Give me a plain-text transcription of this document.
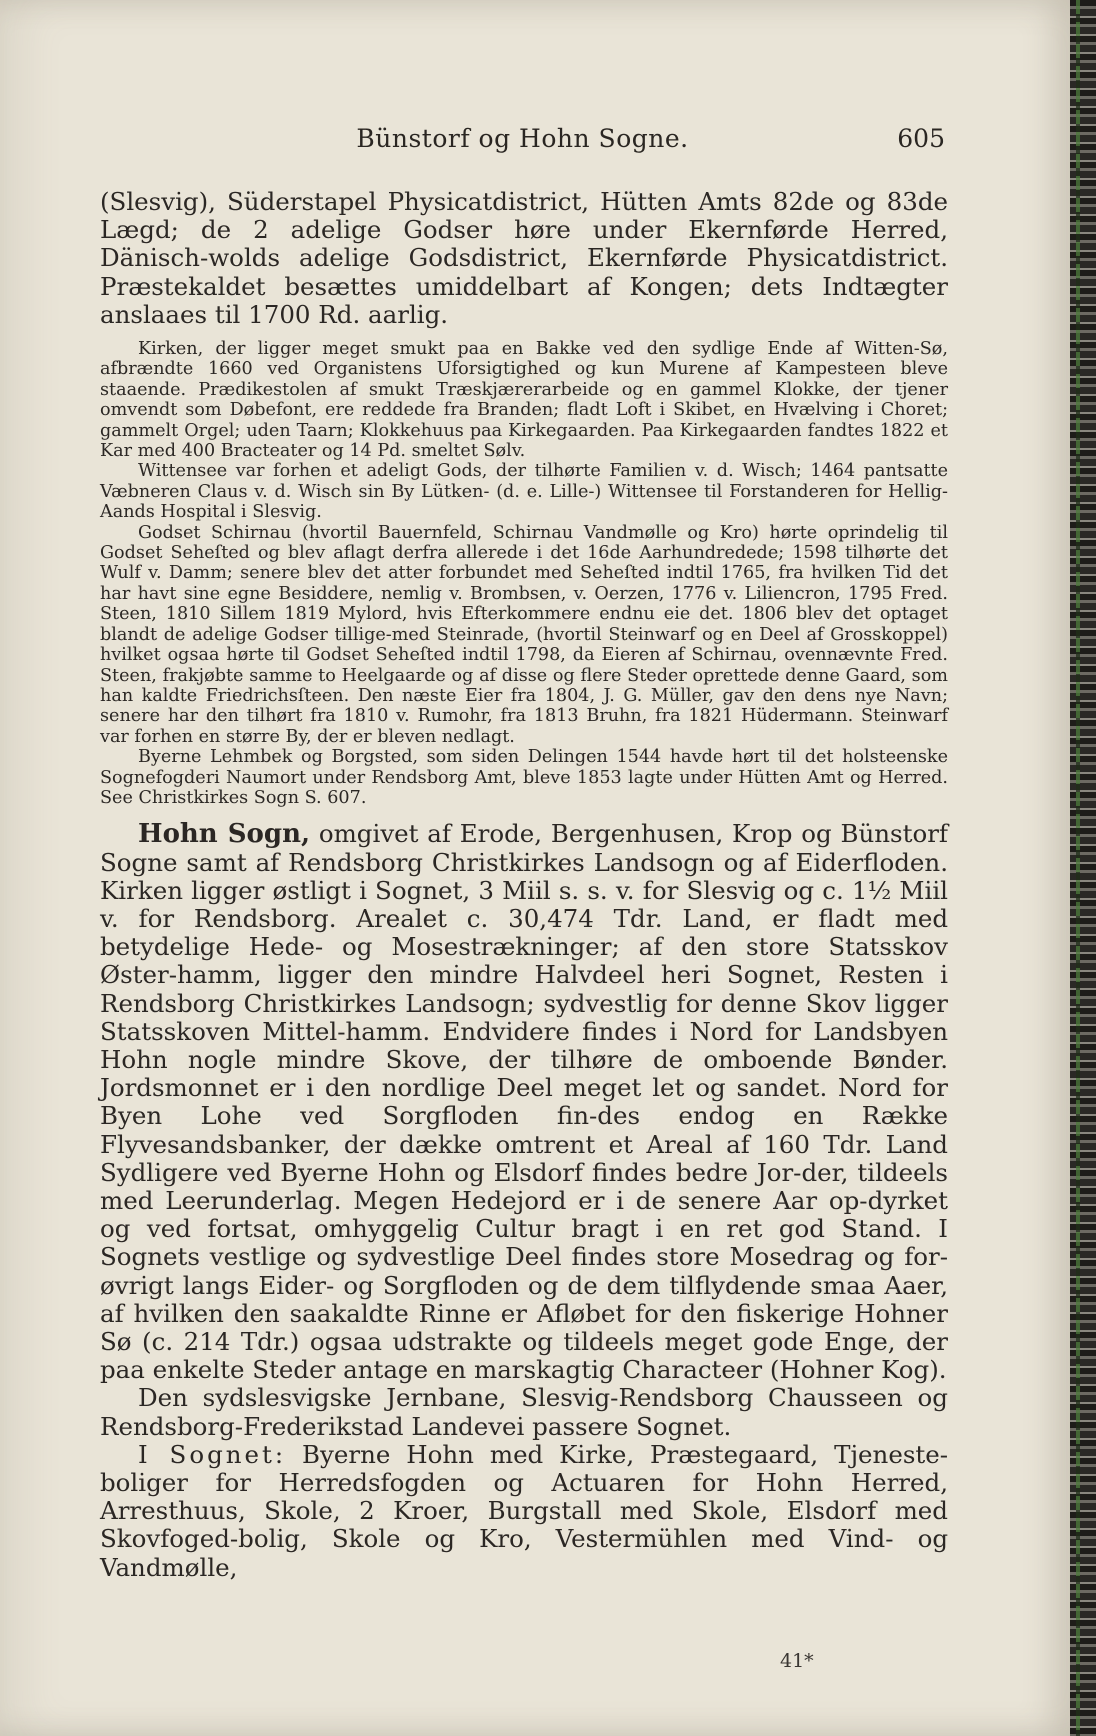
Bünstorf og Hohn Sogne.	605

(Slesvig), Süderstapel Physicatdistrict, Hütten Amts 82de og 83de Lægd; de 2 adelige Godser høre under Ekernførde Herred, Dänisch-wolds adelige Godsdistrict, Ekernførde Physicatdistrict. Præstekaldet besættes umiddelbart af Kongen; dets Indtægter anslaaes til 1700 Rd. aarlig.

Kirken, der ligger meget smukt paa en Bakke ved den sydlige Ende af Witten-Sø, afbrændte 1660 ved Organistens Uforsigtighed og kun Murene af Kampesteen bleve staaende. Prædikestolen af smukt Træskjærerarbeide og en gammel Klokke, der tjener omvendt som Døbefont, ere reddede fra Branden; fladt Loft i Skibet, en Hvælving i Choret; gammelt Orgel; uden Taarn; Klokkehuus paa Kirkegaarden. Paa Kirkegaarden fandtes 1822 et Kar med 400 Bracteater og 14 Pd. smeltet Sølv.

Wittensee var forhen et adeligt Gods, der tilhørte Familien v. d. Wisch; 1464 pantsatte Væbneren Claus v. d. Wisch sin By Lütken- (d. e. Lille-) Wittensee til Forstanderen for Hellig-Aands Hospital i Slesvig.

Godset Schirnau (hvortil Bauernfeld, Schirnau Vandmølle og Kro) hørte oprindelig til Godset Seheſted og blev aflagt derfra allerede i det 16de Aarhundredede; 1598 tilhørte det Wulf v. Damm; senere blev det atter forbundet med Seheſted indtil 1765, fra hvilken Tid det har havt sine egne Besiddere, nemlig v. Brombsen, v. Oerzen, 1776 v. Liliencron, 1795 Fred. Steen, 1810 Sillem 1819 Mylord, hvis Efterkommere endnu eie det. 1806 blev det optaget blandt de adelige Godser tillige-med Steinrade, (hvortil Steinwarf og en Deel af Grosskoppel) hvilket ogsaa hørte til Godset Seheſted indtil 1798, da Eieren af Schirnau, ovennævnte Fred. Steen, frakjøbte samme to Heelgaarde og af disse og flere Steder oprettede denne Gaard, som han kaldte Friedrichsſteen. Den næste Eier fra 1804, J. G. Müller, gav den dens nye Navn; senere har den tilhørt fra 1810 v. Rumohr, fra 1813 Bruhn, fra 1821 Hüdermann. Steinwarf var forhen en større By, der er bleven nedlagt.

Byerne Lehmbek og Borgsted, som siden Delingen 1544 havde hørt til det holsteenske Sognefogderi Naumort under Rendsborg Amt, bleve 1853 lagte under Hütten Amt og Herred. See Christkirkes Sogn S. 607.

Hohn Sogn, omgivet af Erode, Bergenhusen, Krop og Bünstorf Sogne samt af Rendsborg Christkirkes Landsogn og af Eiderfloden. Kirken ligger østligt i Sognet, 3 Miil s. s. v. for Slesvig og c. 1½ Miil v. for Rendsborg. Arealet c. 30,474 Tdr. Land, er fladt med betydelige Hede- og Mosestrækninger; af den store Statsskov Øster-hamm, ligger den mindre Halvdeel heri Sognet, Resten i Rendsborg Christkirkes Landsogn; sydvestlig for denne Skov ligger Statsskoven Mittel-hamm. Endvidere findes i Nord for Landsbyen Hohn nogle mindre Skove, der tilhøre de omboende Bønder. Jordsmonnet er i den nordlige Deel meget let og sandet. Nord for Byen Lohe ved Sorgfloden fin-des endog en Række Flyvesandsbanker, der dække omtrent et Areal af 160 Tdr. Land Sydligere ved Byerne Hohn og Elsdorf findes bedre Jor-der, tildeels med Leerunderlag. Megen Hedejord er i de senere Aar op-dyrket og ved fortsat, omhyggelig Cultur bragt i en ret god Stand. I Sognets vestlige og sydvestlige Deel findes store Mosedrag og for-øvrigt langs Eider- og Sorgfloden og de dem tilflydende smaa Aaer, af hvilken den saakaldte Rinne er Afløbet for den fiskerige Hohner Sø (c. 214 Tdr.) ogsaa udstrakte og tildeels meget gode Enge, der paa enkelte Steder antage en marskagtig Characteer (Hohner Kog).

Den sydslesvigske Jernbane, Slesvig-Rendsborg Chausseen og Rendsborg-Frederikstad Landevei passere Sognet.

I Sognet: Byerne Hohn med Kirke, Præstegaard, Tjeneste-boliger for Herredsfogden og Actuaren for Hohn Herred, Arresthuus, Skole, 2 Kroer, Burgstall med Skole, Elsdorf med Skovfoged-bolig, Skole og Kro, Vestermühlen med Vind- og Vandmølle,

41*
